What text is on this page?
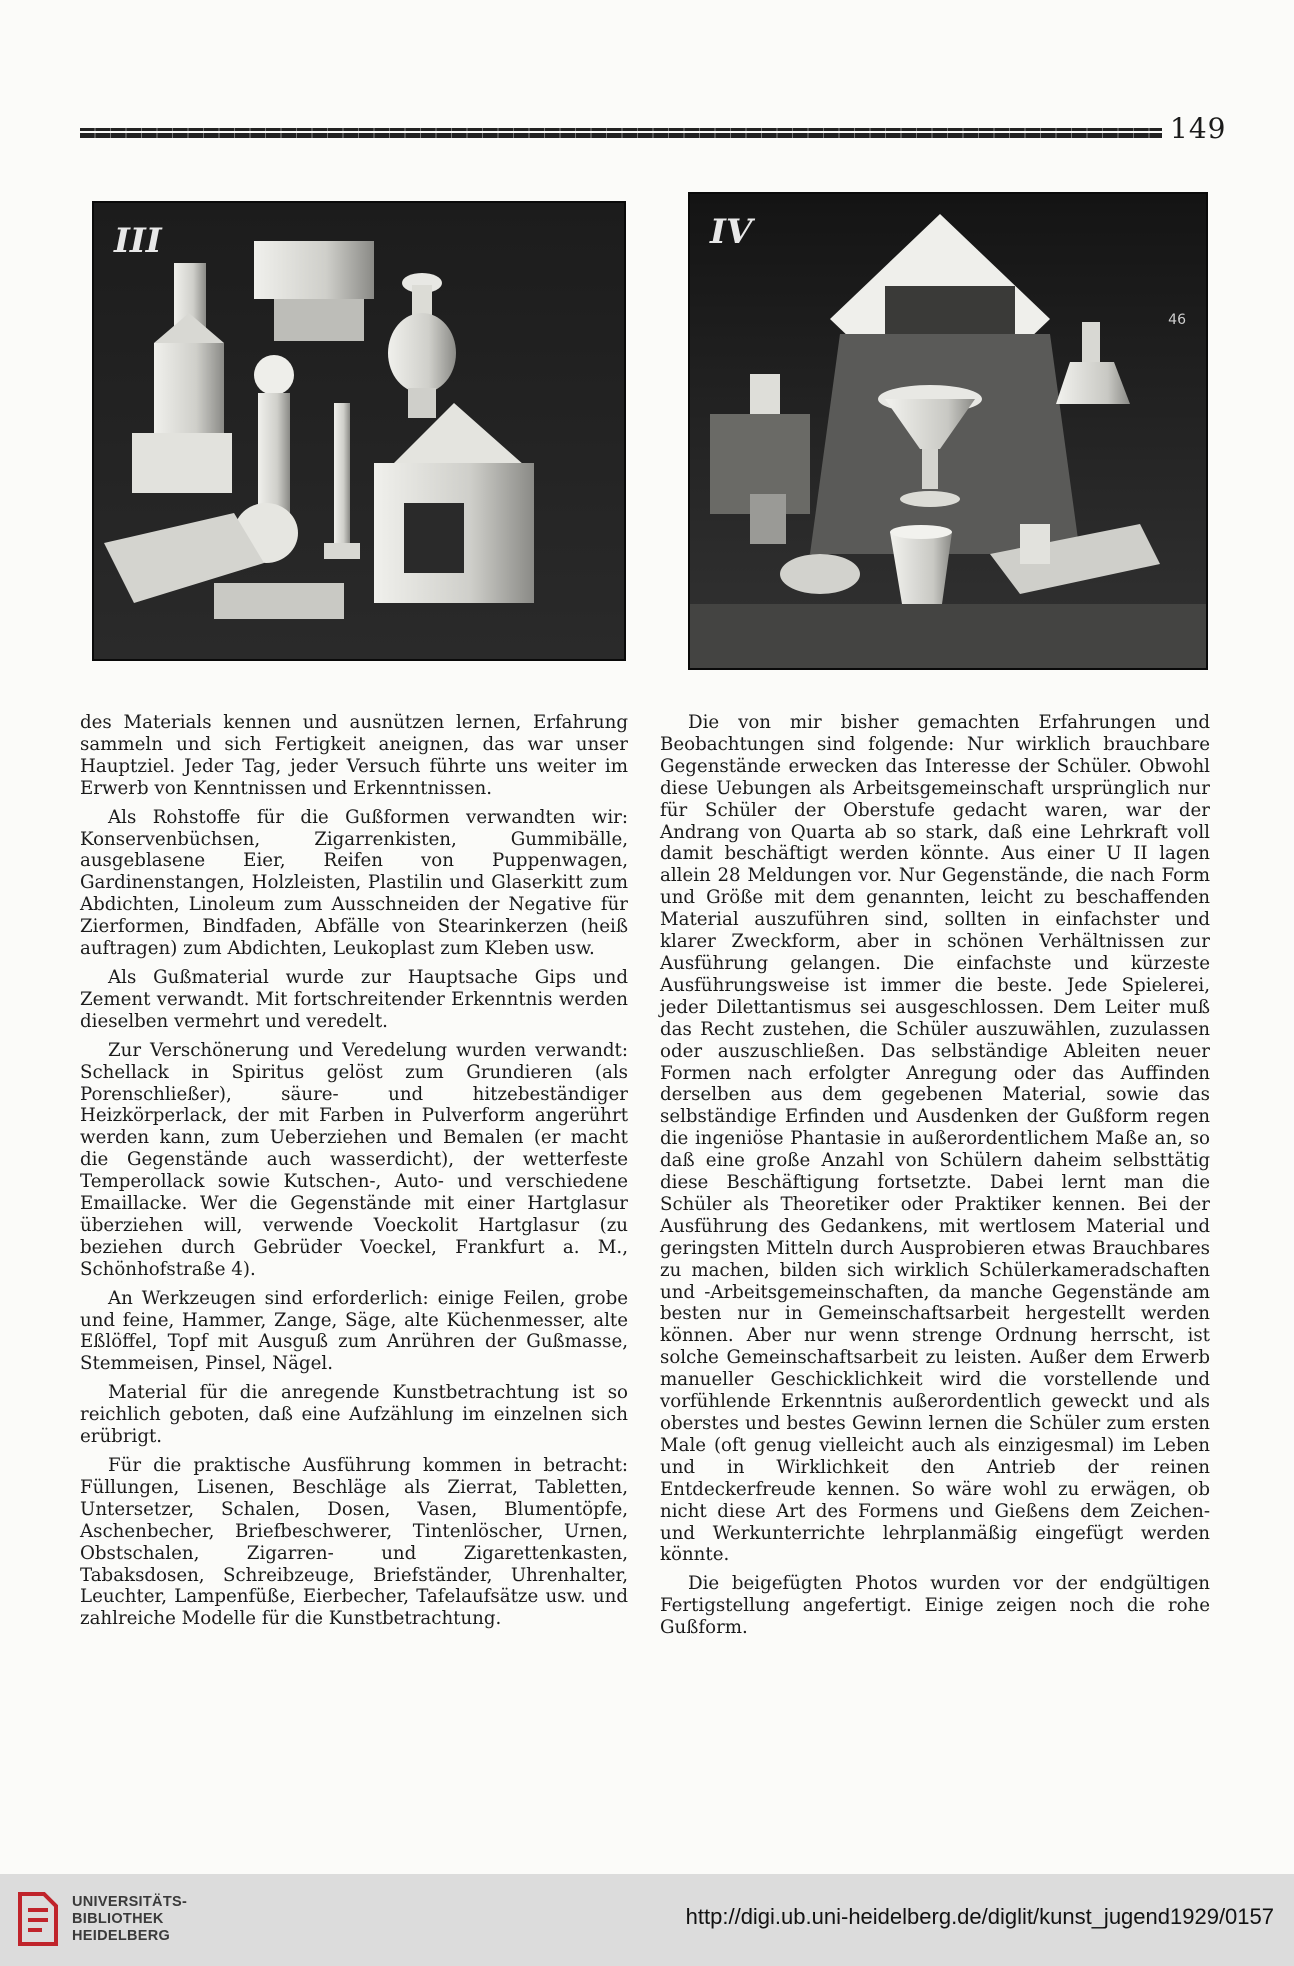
149
III	IV
46

des Materials kennen und ausnützen lernen, Erfahrung sammeln und sich Fertigkeit aneignen, das war unser Hauptziel. Jeder Tag, jeder Versuch führte uns weiter im Erwerb von Kenntnissen und Erkenntnissen.

Als Rohstoffe für die Gußformen verwandten wir: Konservenbüchsen, Zigarrenkisten, Gummibälle, ausgeblasene Eier, Reifen von Puppenwagen, Gardinenstangen, Holzleisten, Plastilin und Glaserkitt zum Abdichten, Linoleum zum Ausschneiden der Negative für Zierformen, Bindfaden, Abfälle von Stearinkerzen (heiß auftragen) zum Abdichten, Leukoplast zum Kleben usw.

Als Gußmaterial wurde zur Hauptsache Gips und Zement verwandt. Mit fortschreitender Erkenntnis werden dieselben vermehrt und veredelt.

Zur Verschönerung und Veredelung wurden verwandt: Schellack in Spiritus gelöst zum Grundieren (als Porenschließer), säure- und hitzebeständiger Heizkörperlack, der mit Farben in Pulverform angerührt werden kann, zum Ueberziehen und Bemalen (er macht die Gegenstände auch wasserdicht), der wetterfeste Temperollack sowie Kutschen-, Auto- und verschiedene Emaillacke. Wer die Gegenstände mit einer Hartglasur überziehen will, verwende Voeckolit Hartglasur (zu beziehen durch Gebrüder Voeckel, Frankfurt a. M., Schönhofstraße 4).

An Werkzeugen sind erforderlich: einige Feilen, grobe und feine, Hammer, Zange, Säge, alte Küchenmesser, alte Eßlöffel, Topf mit Ausguß zum Anrühren der Gußmasse, Stemmeisen, Pinsel, Nägel.

Material für die anregende Kunstbetrachtung ist so reichlich geboten, daß eine Aufzählung im einzelnen sich erübrigt.

Für die praktische Ausführung kommen in betracht: Füllungen, Lisenen, Beschläge als Zierrat, Tabletten, Untersetzer, Schalen, Dosen, Vasen, Blumentöpfe, Aschenbecher, Briefbeschwerer, Tintenlöscher, Urnen, Obstschalen, Zigarren- und Zigarettenkasten, Tabaksdosen, Schreibzeuge, Briefständer, Uhrenhalter, Leuchter, Lampenfüße, Eierbecher, Tafelaufsätze usw. und zahlreiche Modelle für die Kunstbetrachtung.

Die von mir bisher gemachten Erfahrungen und Beobachtungen sind folgende: Nur wirklich brauchbare Gegenstände erwecken das Interesse der Schüler. Obwohl diese Uebungen als Arbeitsgemeinschaft ursprünglich nur für Schüler der Oberstufe gedacht waren, war der Andrang von Quarta ab so stark, daß eine Lehrkraft voll damit beschäftigt werden könnte. Aus einer U II lagen allein 28 Meldungen vor. Nur Gegenstände, die nach Form und Größe mit dem genannten, leicht zu beschaffenden Material auszuführen sind, sollten in einfachster und klarer Zweckform, aber in schönen Verhältnissen zur Ausführung gelangen. Die einfachste und kürzeste Ausführungsweise ist immer die beste. Jede Spielerei, jeder Dilettantismus sei ausgeschlossen. Dem Leiter muß das Recht zustehen, die Schüler auszuwählen, zuzulassen oder auszuschließen. Das selbständige Ableiten neuer Formen nach erfolgter Anregung oder das Auffinden derselben aus dem gegebenen Material, sowie das selbständige Erfinden und Ausdenken der Gußform regen die ingeniöse Phantasie in außerordentlichem Maße an, so daß eine große Anzahl von Schülern daheim selbsttätig diese Beschäftigung fortsetzte. Dabei lernt man die Schüler als Theoretiker oder Praktiker kennen. Bei der Ausführung des Gedankens, mit wertlosem Material und geringsten Mitteln durch Ausprobieren etwas Brauchbares zu machen, bilden sich wirklich Schülerkameradschaften und -Arbeitsgemeinschaften, da manche Gegenstände am besten nur in Gemeinschaftsarbeit hergestellt werden können. Aber nur wenn strenge Ordnung herrscht, ist solche Gemeinschaftsarbeit zu leisten. Außer dem Erwerb manueller Geschicklichkeit wird die vorstellende und vorfühlende Erkenntnis außerordentlich geweckt und als oberstes und bestes Gewinn lernen die Schüler zum ersten Male (oft genug vielleicht auch als einzigesmal) im Leben und in Wirklichkeit den Antrieb der reinen Entdeckerfreude kennen. So wäre wohl zu erwägen, ob nicht diese Art des Formens und Gießens dem Zeichen- und Werkunterrichte lehrplanmäßig eingefügt werden könnte.

Die beigefügten Photos wurden vor der endgültigen Fertigstellung angefertigt. Einige zeigen noch die rohe Gußform.

UNIVERSITÄTS-
BIBLIOTHEK
HEIDELBERG
http://digi.ub.uni-heidelberg.de/diglit/kunst_jugend1929/0157
